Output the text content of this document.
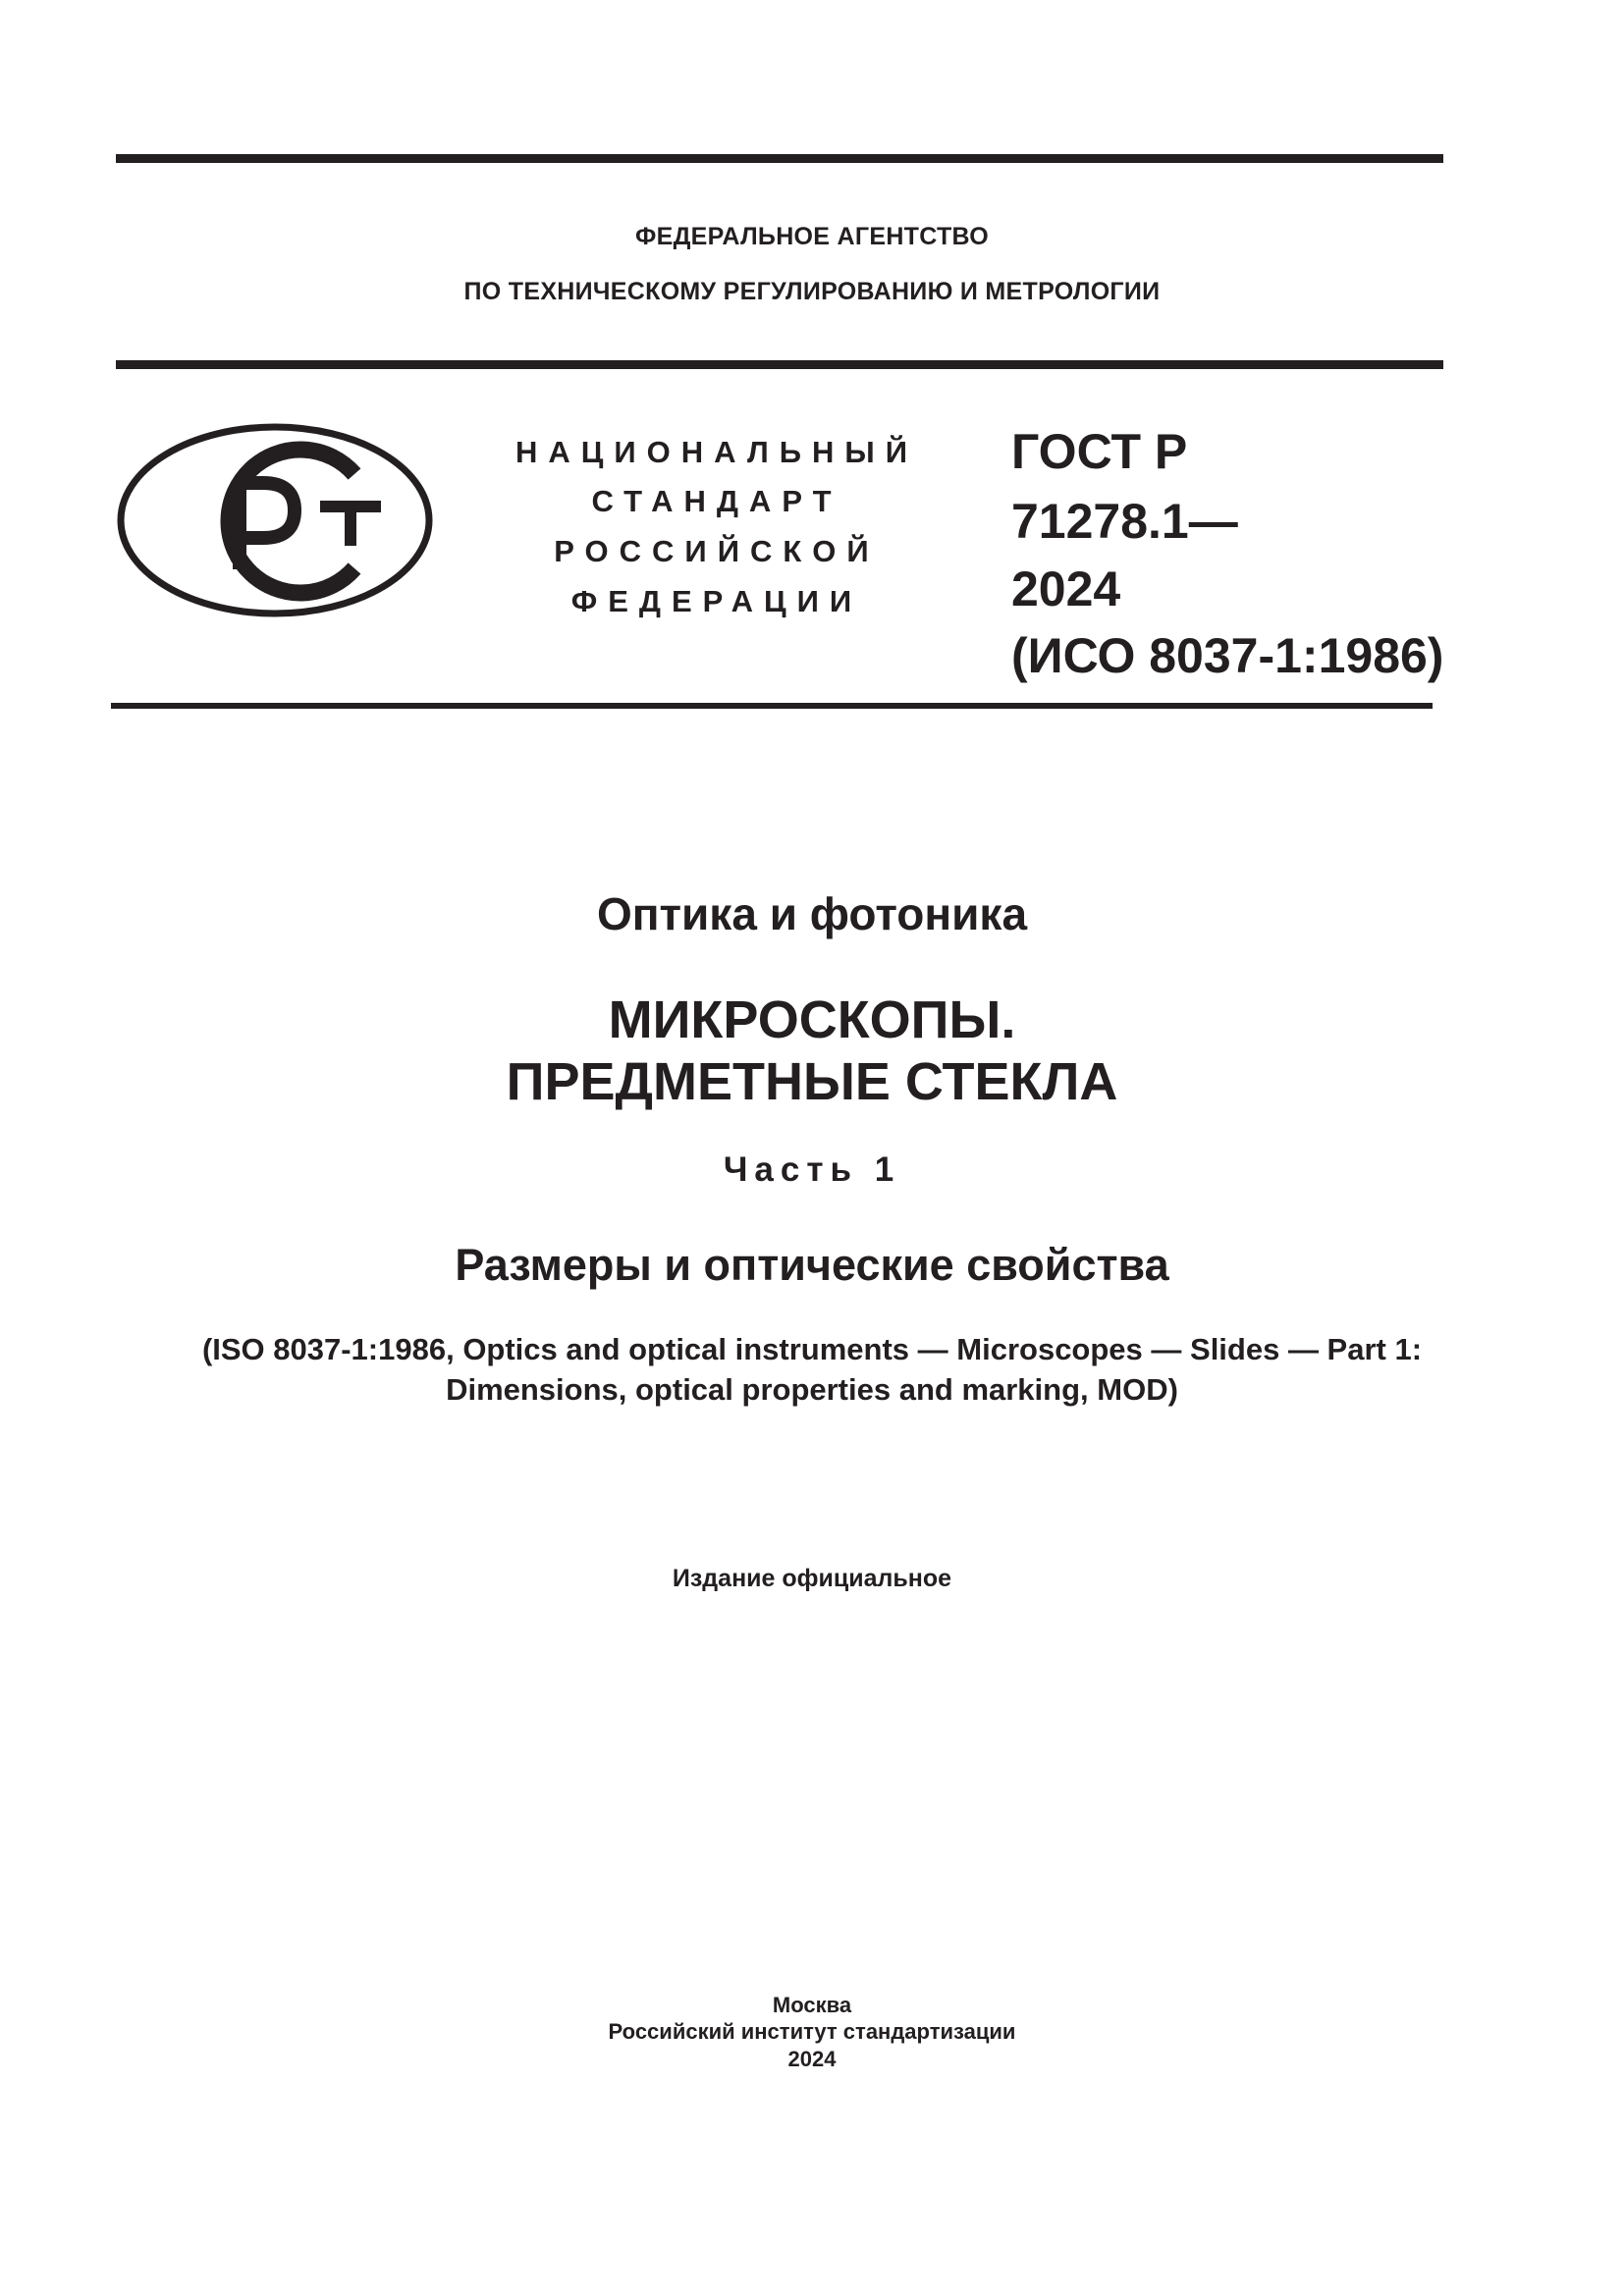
ФЕДЕРАЛЬНОЕ АГЕНТСТВО
ПО ТЕХНИЧЕСКОМУ РЕГУЛИРОВАНИЮ И МЕТРОЛОГИИ
НАЦИОНАЛЬНЫЙ
СТАНДАРТ
РОССИЙСКОЙ
ФЕДЕРАЦИИ
ГОСТ Р
71278.1—
2024
(ИСО 8037-1:1986)
Оптика и фотоника
МИКРОСКОПЫ.
ПРЕДМЕТНЫЕ СТЕКЛА
Часть 1
Размеры и оптические свойства
(ISO 8037-1:1986, Optics and optical instruments — Microscopes — Slides — Part 1:
Dimensions, optical properties and marking, MOD)
Издание официальное
Москва
Российский институт стандартизации
2024
